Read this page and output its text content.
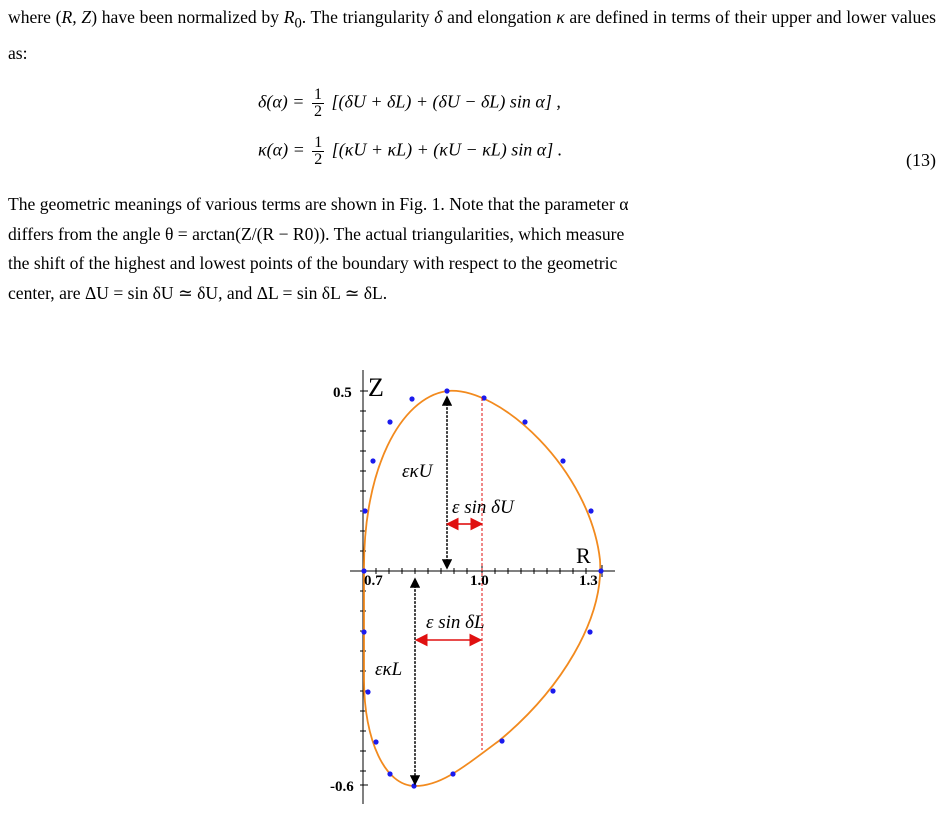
where (R, Z) have been normalized by $R_0$. The triangularity δ and elongation κ are defined in terms of their upper and lower values as:
$\delta(\alpha) = \frac{1}{2} [(\delta U + \delta L) + (\delta U - \delta L)$ sin α] ,
$\kappa(\alpha) = \frac{1}{2} [(\kappa U + \kappa L) + (\kappa U - \kappa L)$ sin α] .
(13)
The geometric meanings of various terms are shown in Fig. 1. Note that the parameter α
differs from the angle θ = arctan(Z/(R − R0)). The actual triangularities, which measure
the shift of the highest and lowest points of the boundary with respect to the geometric
center, are ΔU = sin δU ≃ δU, and ΔL = sin δL ≃ δL.
Z
R
0.5
-0.6
0.7	1.0	1.3
εκU
εκL
ε sin δU
ε sin δL
